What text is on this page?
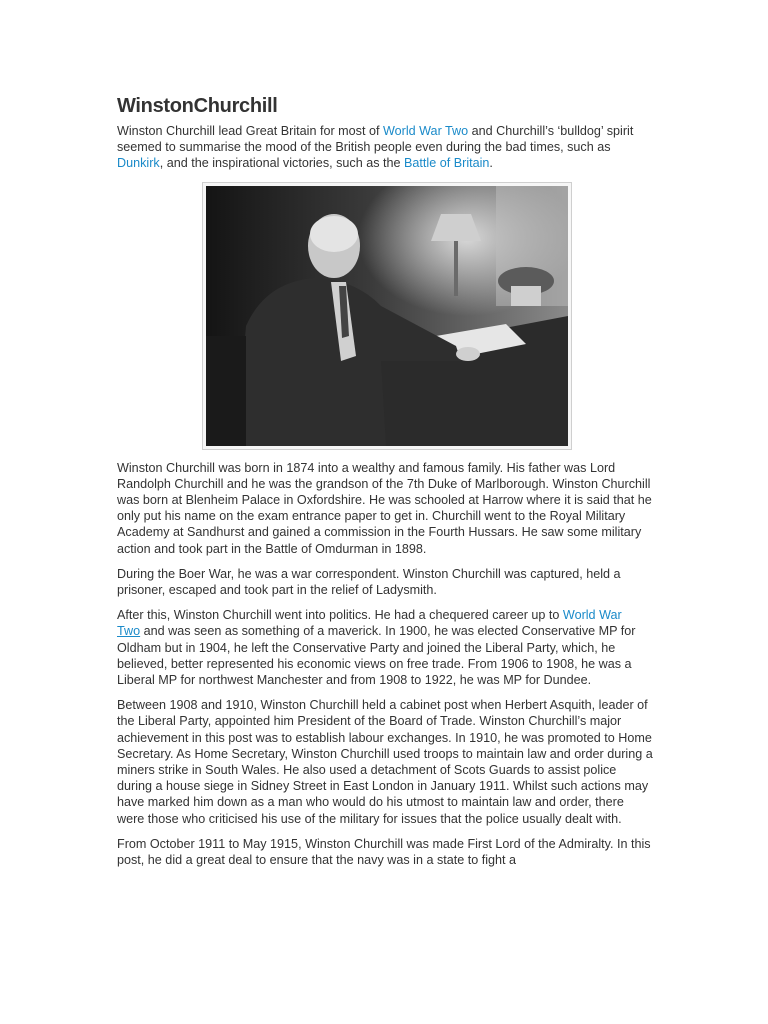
WinstonChurchill

Winston Churchill lead Great Britain for most of World War Two and Churchill’s ‘bulldog’ spirit seemed to summarise the mood of the British people even during the bad times, such as Dunkirk, and the inspirational victories, such as the Battle of Britain.

Winston Churchill was born in 1874 into a wealthy and famous family. His father was Lord Randolph Churchill and he was the grandson of the 7th Duke of Marlborough. Winston Churchill was born at Blenheim Palace in Oxfordshire. He was schooled at Harrow where it is said that he only put his name on the exam entrance paper to get in. Churchill went to the Royal Military Academy at Sandhurst and gained a commission in the Fourth Hussars. He saw some military action and took part in the Battle of Omdurman in 1898.

During the Boer War, he was a war correspondent. Winston Churchill was captured, held a prisoner, escaped and took part in the relief of Ladysmith.

After this, Winston Churchill went into politics. He had a chequered career up to World War
Two and was seen as something of a maverick. In 1900, he was elected Conservative MP for Oldham but in 1904, he left the Conservative Party and joined the Liberal Party, which, he believed, better represented his economic views on free trade. From 1906 to 1908, he was a Liberal MP for northwest Manchester and from 1908 to 1922, he was MP for Dundee.

Between 1908 and 1910, Winston Churchill held a cabinet post when Herbert Asquith, leader of the Liberal Party, appointed him President of the Board of Trade. Winston Churchill’s major achievement in this post was to establish labour exchanges. In 1910, he was promoted to Home Secretary. As Home Secretary, Winston Churchill used troops to maintain law and order during a miners strike in South Wales. He also used a detachment of Scots Guards to assist police during a house siege in Sidney Street in East London in January 1911. Whilst such actions may have marked him down as a man who would do his utmost to maintain law and order, there were those who criticised his use of the military for issues that the police usually dealt with.

From October 1911 to May 1915, Winston Churchill was made First Lord of the Admiralty. In this post, he did a great deal to ensure that the navy was in a state to fight a
